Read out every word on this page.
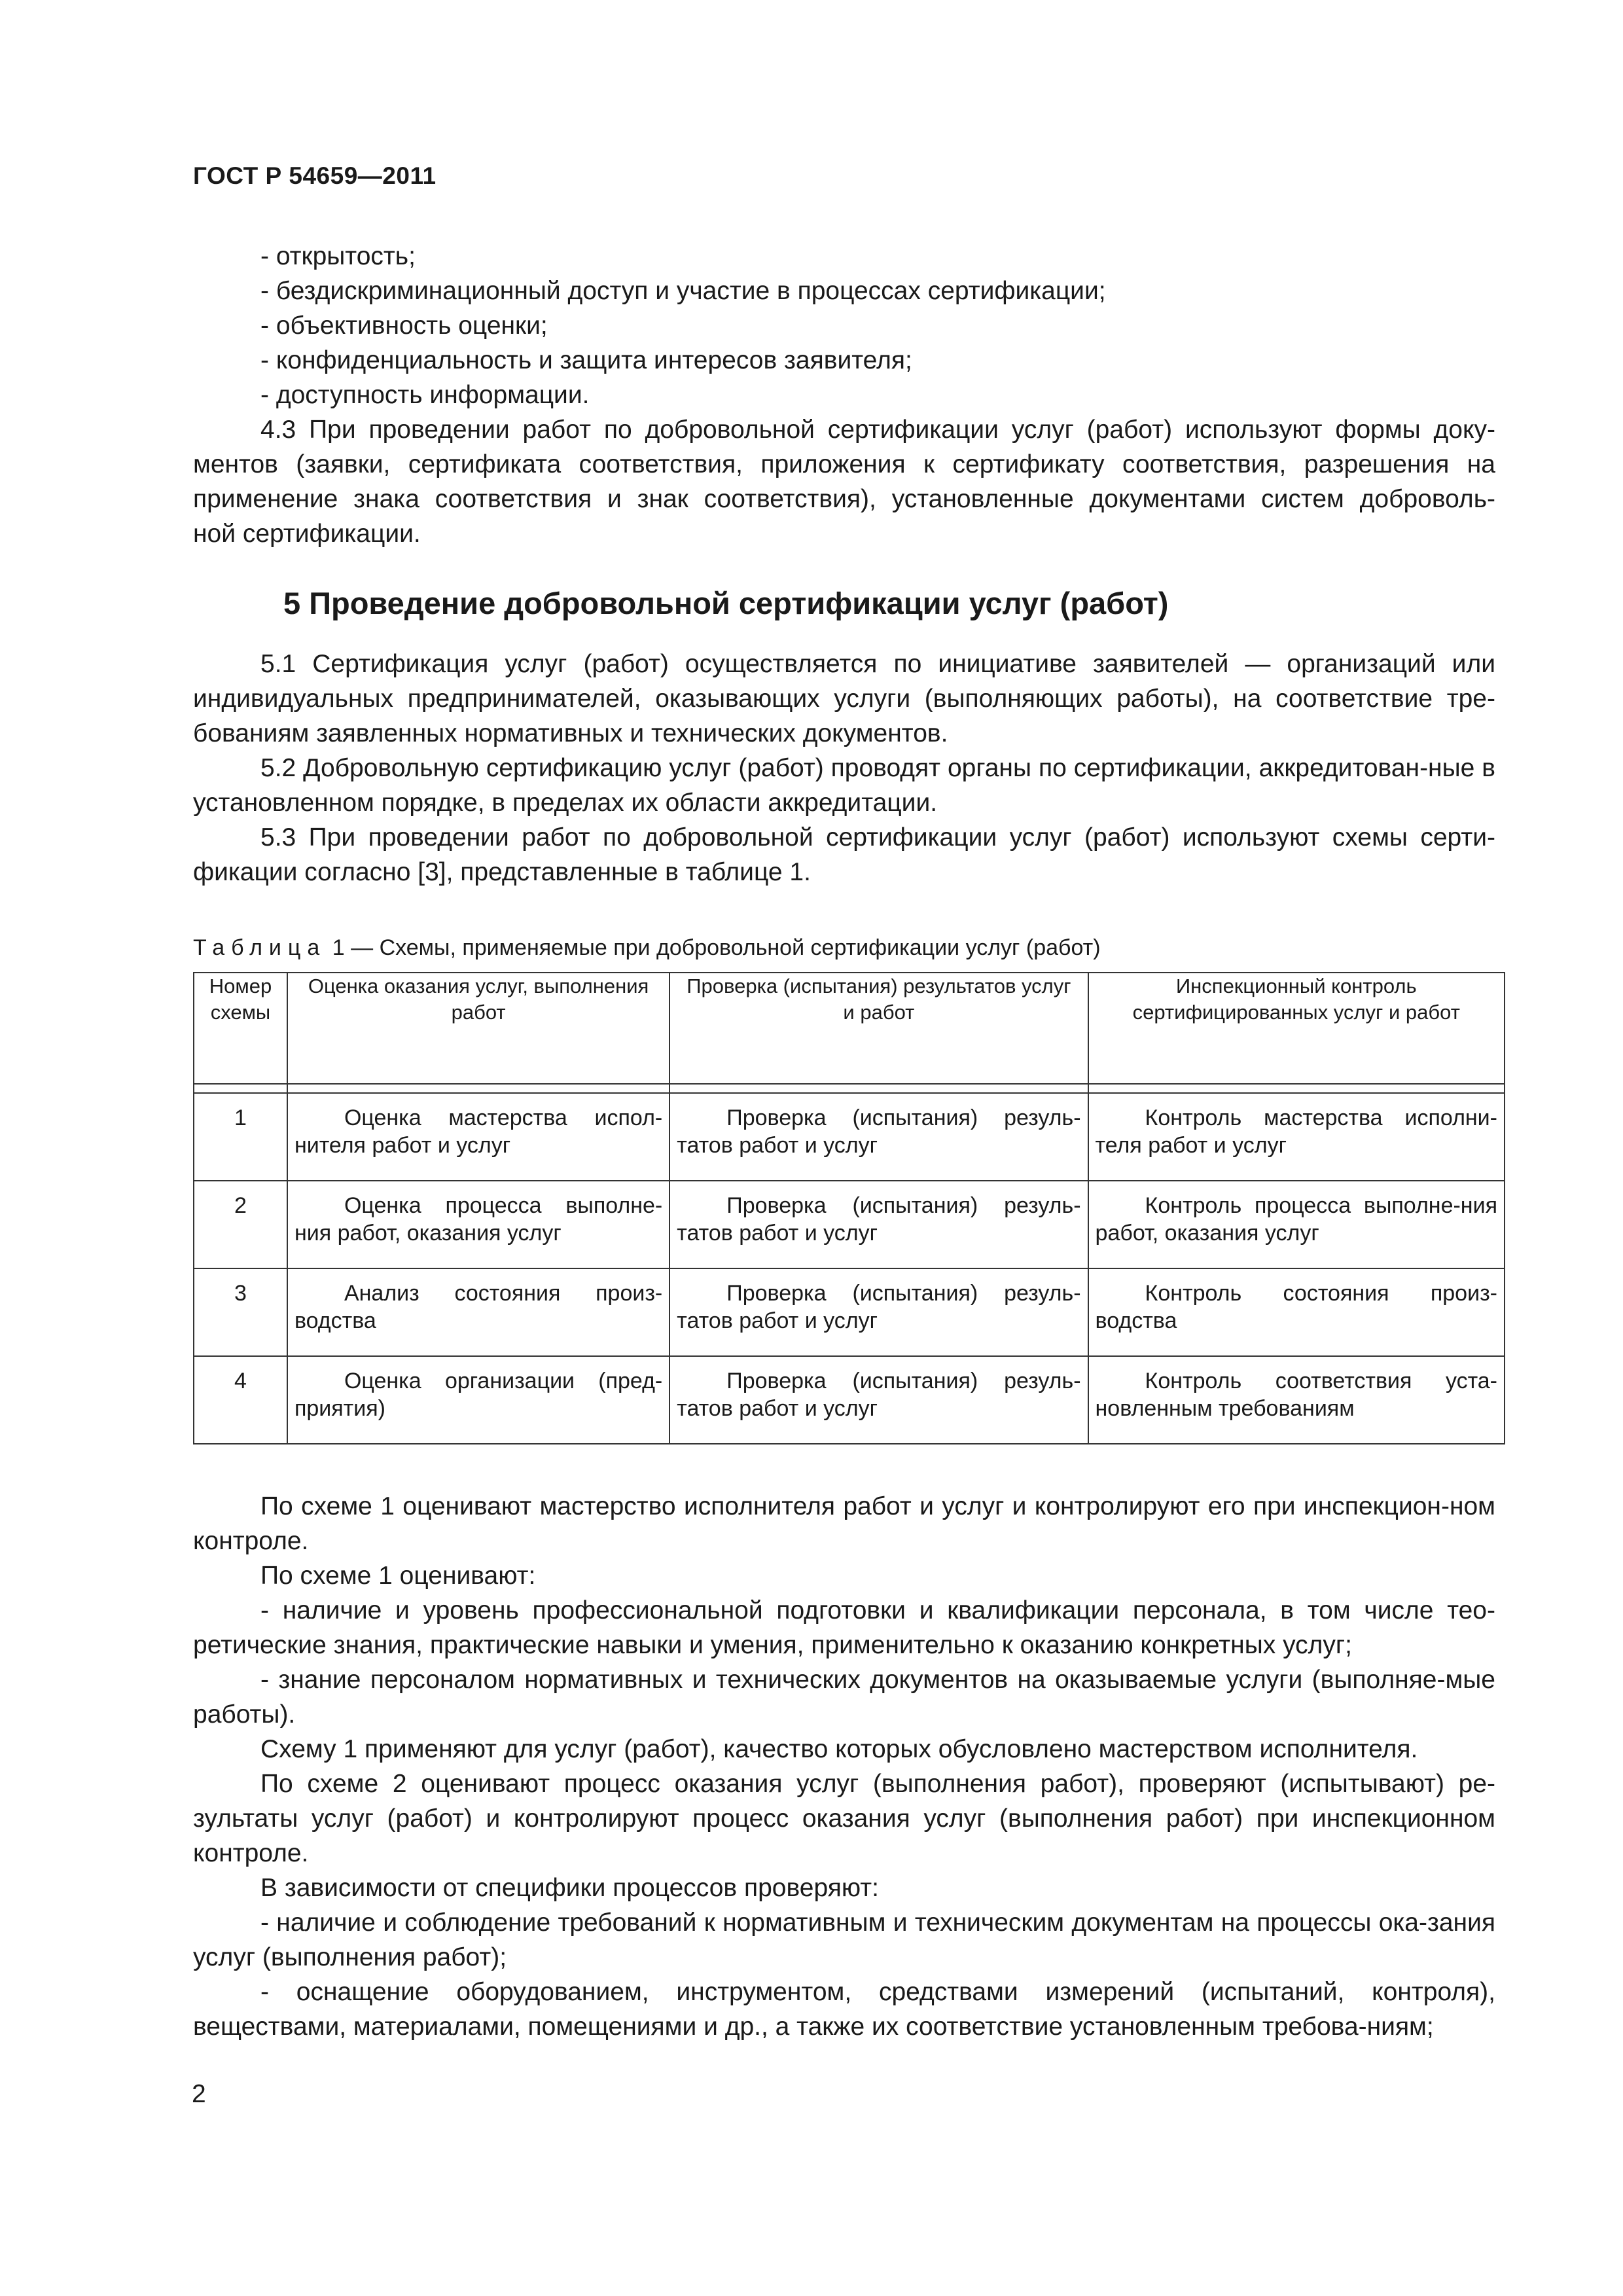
ГОСТ Р 54659—2011

- открытость;

- бездискриминационный доступ и участие в процессах сертификации;

- объективность оценки;

- конфиденциальность и защита интересов заявителя;

- доступность информации.

4.3 При проведении работ по добровольной сертификации услуг (работ) используют формы доку-
ментов (заявки, сертификата соответствия, приложения к сертификату соответствия, разрешения на
применение знака соответствия и знак соответствия), установленные документами систем доброволь-
ной сертификации.
5 Проведение добровольной сертификации услуг (работ)

5.1 Сертификация услуг (работ) осуществляется по инициативе заявителей — организаций или индивидуальных предпринимателей, оказывающих услуги (выполняющих работы), на соответствие тре-бованиям заявленных нормативных и технических документов.

5.2 Добровольную сертификацию услуг (работ) проводят органы по сертификации, аккредитован-ные в установленном порядке, в пределах их области аккредитации.

5.3 При проведении работ по добровольной сертификации услуг (работ) используют схемы серти-фикации согласно [3], представленные в таблице 1.

Таблица 1 — Схемы, применяемые при добровольной сертификации услуг (работ)
Номер схемы	Оценка оказания услуг, выполнения работ	Проверка (испытания) результатов услуг и работ	Инспекционный контроль сертифицированных услуг и работ

1	Оценка мастерства испол-нителя работ и услуг	Проверка (испытания) резуль-татов работ и услуг	Контроль мастерства исполни-теля работ и услуг
2	Оценка процесса выполне-ния работ, оказания услуг	Проверка (испытания) резуль-татов работ и услуг	Контроль процесса выполне-ния работ, оказания услуг
3	Анализ состояния произ-водства	Проверка (испытания) резуль-татов работ и услуг	Контроль состояния произ-водства
4	Оценка организации (пред-приятия)	Проверка (испытания) резуль-татов работ и услуг	Контроль соответствия уста-новленным требованиям

По схеме 1 оценивают мастерство исполнителя работ и услуг и контролируют его при инспекцион-ном контроле.

По схеме 1 оценивают:

- наличие и уровень профессиональной подготовки и квалификации персонала, в том числе тео-ретические знания, практические навыки и умения, применительно к оказанию конкретных услуг;

- знание персоналом нормативных и технических документов на оказываемые услуги (выполняе-мые работы).

Схему 1 применяют для услуг (работ), качество которых обусловлено мастерством исполнителя.

По схеме 2 оценивают процесс оказания услуг (выполнения работ), проверяют (испытывают) ре-зультаты услуг (работ) и контролируют процесс оказания услуг (выполнения работ) при инспекционном контроле.

В зависимости от специфики процессов проверяют:

- наличие и соблюдение требований к нормативным и техническим документам на процессы ока-зания услуг (выполнения работ);

- оснащение оборудованием, инструментом, средствами измерений (испытаний, контроля), веществами, материалами, помещениями и др., а также их соответствие установленным требова-ниям;

2
